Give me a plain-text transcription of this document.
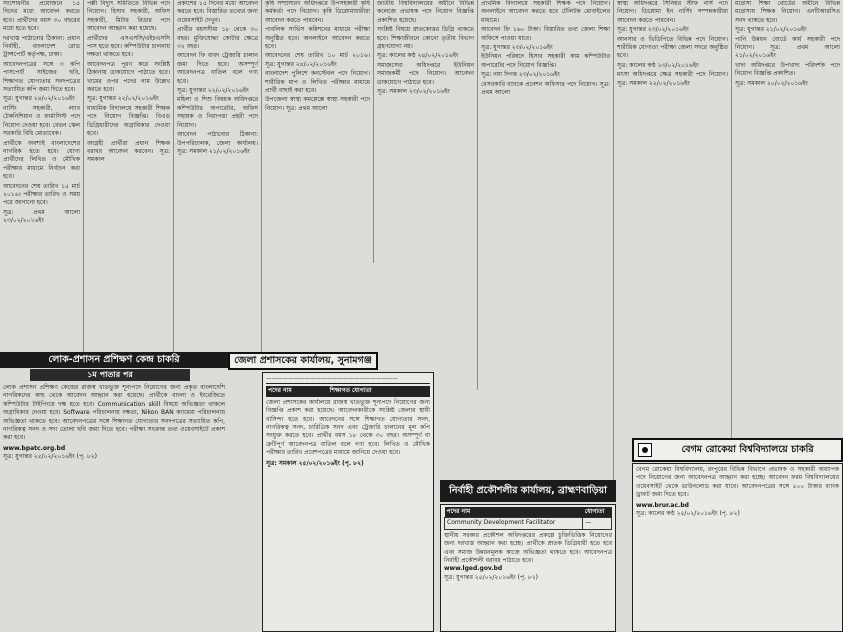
সংশোধনীর প্রয়োজনে ১৫ দিনের মধ্যে আবেদন করতে হবে। প্রার্থীদের বয়স ৩০ বছরের মধ্যে হতে হবে।

দরখাস্ত পাঠানোর ঠিকানা: প্রধান নির্বাহী, বাংলাদেশ রোড ট্রান্সপোর্ট কর্তৃপক্ষ, ঢাকা।

আবেদনপত্রের সঙ্গে ৩ কপি পাসপোর্ট সাইজের ছবি, শিক্ষাগত যোগ্যতার সনদপত্রের সত্যায়িত কপি জমা দিতে হবে।

সূত্র: যুগান্তর ২৪/০২/২০১৬ইং

নার্সিং সহকারী, ল্যাব টেকনিশিয়ান ও ফার্মাসিস্ট পদে নিয়োগ দেওয়া হবে। বেতন স্কেল সরকারি বিধি মোতাবেক।

প্রার্থীকে অবশ্যই বাংলাদেশের নাগরিক হতে হবে। যোগ্য প্রার্থীদের লিখিত ও মৌখিক পরীক্ষার মাধ্যমে নির্বাচন করা হবে।

আবেদনের শেষ তারিখ ১৫ মার্চ ২০১৬। পরীক্ষার তারিখ ও সময় পরে জানানো হবে।

সূত্র: প্রথম আলো ২৩/০২/২০১৬ইং

পল্লী বিদ্যুৎ সমিতিতে বিভিন্ন পদে নিয়োগ। হিসাব সহকারী, অফিস সহকারী, মিটার রিডার পদে আবেদন আহ্বান করা হয়েছে।

প্রার্থীদের এসএসসি/এইচএসসি পাস হতে হবে। কম্পিউটার চালনায় দক্ষতা থাকতে হবে।

আবেদনপত্র পূরণ করে সংশ্লিষ্ট ঠিকানায় ডাকযোগে পাঠাতে হবে। খামের ওপর পদের নাম উল্লেখ করতে হবে।

সূত্র: যুগান্তর ২২/০২/২০১৬ইং

মাধ্যমিক বিদ্যালয়ে সহকারী শিক্ষক পদে নিয়োগ বিজ্ঞপ্তি। বিএড ডিগ্রিধারীদের অগ্রাধিকার দেওয়া হবে।

আগ্রহী প্রার্থীরা প্রধান শিক্ষক বরাবর আবেদন করবেন। সূত্র: সমকাল

প্রকাশের ১৫ দিনের মধ্যে আবেদন করতে হবে। বিস্তারিত তথ্যের জন্য ওয়েবসাইট দেখুন।

প্রার্থীর বয়সসীমা ১৮ থেকে ৩০ বছর। মুক্তিযোদ্ধা কোটার ক্ষেত্রে ৩২ বছর।

আবেদন ফি বাবদ ট্রেজারি চালান জমা দিতে হবে। অসম্পূর্ণ আবেদনপত্র বাতিল বলে গণ্য হবে।

সূত্র: যুগান্তর ২২/০২/২০১৬ইং

মহিলা ও শিশু বিষয়ক অধিদপ্তরে কম্পিউটার অপারেটর, অফিস সহায়ক ও নিরাপত্তা প্রহরী পদে নিয়োগ।

আবেদন পাঠানোর ঠিকানা: উপপরিচালক, জেলা কার্যালয়। সূত্র: সমকাল ২১/০২/২০১৬ইং

কৃষি সম্প্রসারণ অধিদপ্তরে উপসহকারী কৃষি কর্মকর্তা পদে নিয়োগ। কৃষি ডিপ্লোমাধারীরা আবেদন করতে পারবেন।

পাবলিক সার্ভিস কমিশনের মাধ্যমে পরীক্ষা অনুষ্ঠিত হবে। অনলাইনে আবেদন করতে হবে।

আবেদনের শেষ তারিখ ১০ মার্চ ২০১৬। সূত্র: যুগান্তর ২৪/০২/২০১৬ইং

বাংলাদেশ পুলিশে কনস্টেবল পদে নিয়োগ। শারীরিক মাপ ও লিখিত পরীক্ষার মাধ্যমে প্রার্থী বাছাই করা হবে।

উপজেলা স্বাস্থ্য কমপ্লেক্সে স্বাস্থ্য সহকারী পদে নিয়োগ। সূত্র: প্রথম আলো

জাতীয় বিশ্ববিদ্যালয়ের অধীনে বিভিন্ন কলেজে প্রভাষক পদে নিয়োগ বিজ্ঞপ্তি প্রকাশিত হয়েছে।

সংশ্লিষ্ট বিষয়ে স্নাতকোত্তর ডিগ্রি থাকতে হবে। শিক্ষাজীবনে কোনো তৃতীয় বিভাগ গ্রহণযোগ্য নয়।

সূত্র: কালের কণ্ঠ ২৪/০২/২০১৬ইং

সমাজসেবা অধিদপ্তরে ইউনিয়ন সমাজকর্মী পদে নিয়োগ। আবেদন ডাকযোগে পাঠাতে হবে।

সূত্র: সমকাল ২৩/০২/২০১৬ইং

প্রাথমিক বিদ্যালয়ে সহকারী শিক্ষক পদে নিয়োগ। অনলাইনে আবেদন করতে হবে টেলিটক মোবাইলের মাধ্যমে।

আবেদন ফি ১৬০ টাকা। বিস্তারিত তথ্য জেলা শিক্ষা অফিসে পাওয়া যাবে।

সূত্র: যুগান্তর ২৩/০২/২০১৬ইং

ইউনিয়ন পরিষদে হিসাব সহকারী কাম কম্পিউটার অপারেটর পদে নিয়োগ বিজ্ঞপ্তি।

সূত্র: নয়া দিগন্ত ২৩/০২/২০১৬ইং

বেসরকারি ব্যাংকে প্রবেশন অফিসার পদে নিয়োগ। সূত্র: প্রথম আলো

স্বাস্থ্য অধিদপ্তরে সিনিয়র স্টাফ নার্স পদে নিয়োগ। ডিপ্লোমা ইন নার্সিং সম্পন্নকারীরা আবেদন করতে পারবেন।

সূত্র: যুগান্তর ২৩/০২/২০১৬ইং

আনসার ও ভিডিপিতে বিভিন্ন পদে নিয়োগ। শারীরিক যোগ্যতা পরীক্ষা জেলা সদরে অনুষ্ঠিত হবে।

সূত্র: কালের কণ্ঠ ২৩/০২/২০১৬ইং

মৎস্য অধিদপ্তরে ক্ষেত্র সহকারী পদে নিয়োগ। সূত্র: সমকাল ২২/০২/২০১৬ইং

মাদ্রাসা শিক্ষা বোর্ডের অধীনে বিভিন্ন মাদ্রাসায় শিক্ষক নিয়োগ। এনটিআরসিএ সনদ থাকতে হবে।

সূত্র: যুগান্তর ২১/০২/২০১৬ইং

পানি উন্নয়ন বোর্ডে কার্য সহকারী পদে নিয়োগ। সূত্র: প্রথম আলো ২১/০২/২০১৬ইং

খাদ্য অধিদপ্তরে উপখাদ্য পরিদর্শক পদে নিয়োগ বিজ্ঞপ্তি প্রকাশিত।

সূত্র: সমকাল ২০/০২/২০১৬ইং

লোক-প্রশাসন প্রশিক্ষণ কেন্দ্র চাকরি
১ম পাতার পর
লোক প্রশাসন প্রশিক্ষণ কেন্দ্রের রাজস্ব খাতভুক্ত শূন্যপদে নিয়োগের জন্য প্রকৃত বাংলাদেশি নাগরিকদের কাছ থেকে আবেদন আহ্বান করা হয়েছে। প্রার্থীকে বাংলা ও ইংরেজিতে কম্পিউটার টাইপিংয়ে দক্ষ হতে হবে। Communication skill বিষয়ে অভিজ্ঞতা থাকলে অগ্রাধিকার দেওয়া হবে। Software পরিচালনায় দক্ষতা, Nikon BAN ক্যামেরা পরিচালনায় অভিজ্ঞতা থাকতে হবে। আবেদনপত্রের সঙ্গে শিক্ষাগত যোগ্যতার সনদপত্রের সত্যায়িত কপি, নাগরিকত্ব সনদ ও সদ্য তোলা ছবি জমা দিতে হবে। পরীক্ষা সংক্রান্ত তথ্য ওয়েবসাইটে প্রকাশ করা হবে।
www.bpatc.org.bd
সূত্র: যুগান্তর ২৫/০২/২০১৬ইং (পৃ. ৮২)
জেলা প্রশাসকের কার্যালয়, সুনামগঞ্জ
————————————————————————
পদের নাম	শিক্ষাগত যোগ্যতা
জেলা প্রশাসকের কার্যালয়ে রাজস্ব খাতভুক্ত শূন্যপদে নিয়োগের জন্য বিজ্ঞপ্তি প্রকাশ করা হয়েছে। আবেদনকারীকে সংশ্লিষ্ট জেলার স্থায়ী বাসিন্দা হতে হবে। আবেদনের সঙ্গে শিক্ষাগত যোগ্যতার সনদ, নাগরিকত্ব সনদ, চারিত্রিক সনদ এবং ট্রেজারি চালানের মূল কপি সংযুক্ত করতে হবে। প্রার্থীর বয়স ১৮ থেকে ৩০ বছর। অসম্পূর্ণ বা ত্রুটিপূর্ণ আবেদনপত্র বাতিল বলে গণ্য হবে। লিখিত ও মৌখিক পরীক্ষার তারিখ প্রবেশপত্রের মাধ্যমে জানিয়ে দেওয়া হবে।
সূত্র: সমকাল ২৫/০২/২০১৬ইং (পৃ. ৮২)
নির্বাহী প্রকৌশলীর কার্যালয়, ব্রাহ্মণবাড়িয়া
পদের নাম	যোগ্যতা
Community Development Facilitator	—
স্থানীয় সরকার প্রকৌশল অধিদপ্তরের প্রকল্পে চুক্তিভিত্তিক নিয়োগের জন্য দরখাস্ত আহ্বান করা হচ্ছে। প্রার্থীকে স্নাতক ডিগ্রিধারী হতে হবে এবং সমাজ উন্নয়নমূলক কাজে অভিজ্ঞতা থাকতে হবে। আবেদনপত্র নির্বাহী প্রকৌশলী বরাবর পাঠাতে হবে।
www.lged.gov.bd
সূত্র: যুগান্তর ২৫/০২/২০১৬ইং (পৃ. ৮২)
বেগম রোকেয়া বিশ্ববিদ্যালয়ে চাকরি
বেগম রোকেয়া বিশ্ববিদ্যালয়, রংপুরের বিভিন্ন বিভাগে প্রভাষক ও সহকারী অধ্যাপক পদে নিয়োগের জন্য আবেদনপত্র আহ্বান করা হচ্ছে। আবেদন ফরম বিশ্ববিদ্যালয়ের ওয়েবসাইট থেকে ডাউনলোড করা যাবে। আবেদনপত্রের সঙ্গে ৫০০ টাকার ব্যাংক ড্রাফট জমা দিতে হবে।
www.brur.ac.bd
সূত্র: কালের কণ্ঠ ২৫/০২/২০১৬ইং (পৃ. ৮২)
